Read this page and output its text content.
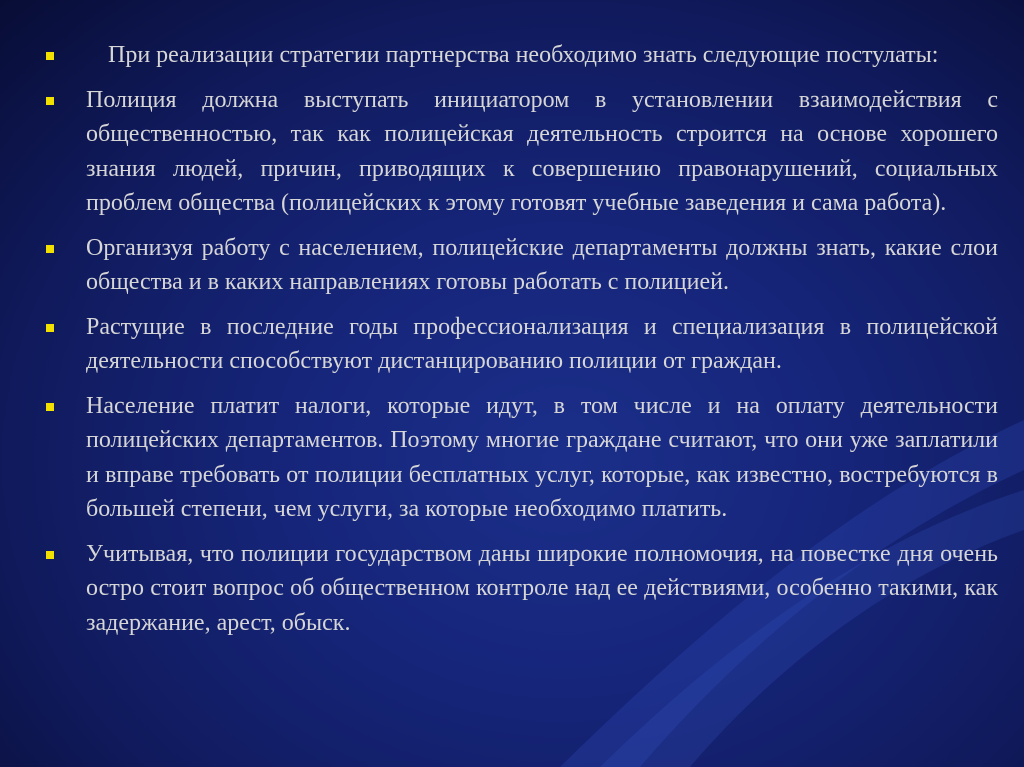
При реализации стратегии партнерства необходимо знать следующие постулаты:
Полиция должна выступать инициатором в установлении взаимодействия с общественностью, так как полицейская деятельность строится на основе хорошего знания людей, причин, приводящих к совершению правонарушений, социальных проблем общества (полицейских к этому готовят учебные заведения и сама работа).
Организуя работу с населением, полицейские департаменты должны знать, какие слои общества и в каких направлениях готовы работать с полицией.
Растущие в последние годы профессионализация и специализация в полицейской деятельности способствуют дистанцированию полиции от граждан.
Население платит налоги, которые идут, в том числе и на оплату деятельности полицейских департаментов. Поэтому многие граждане считают, что они уже заплатили и вправе требовать от полиции бесплатных услуг, которые, как известно, востребуются в большей степени, чем услуги, за которые необходимо платить.
Учитывая, что полиции государством даны широкие полномочия, на повестке дня очень остро стоит вопрос об общественном контроле над ее действиями, особенно такими, как задержание, арест, обыск.
